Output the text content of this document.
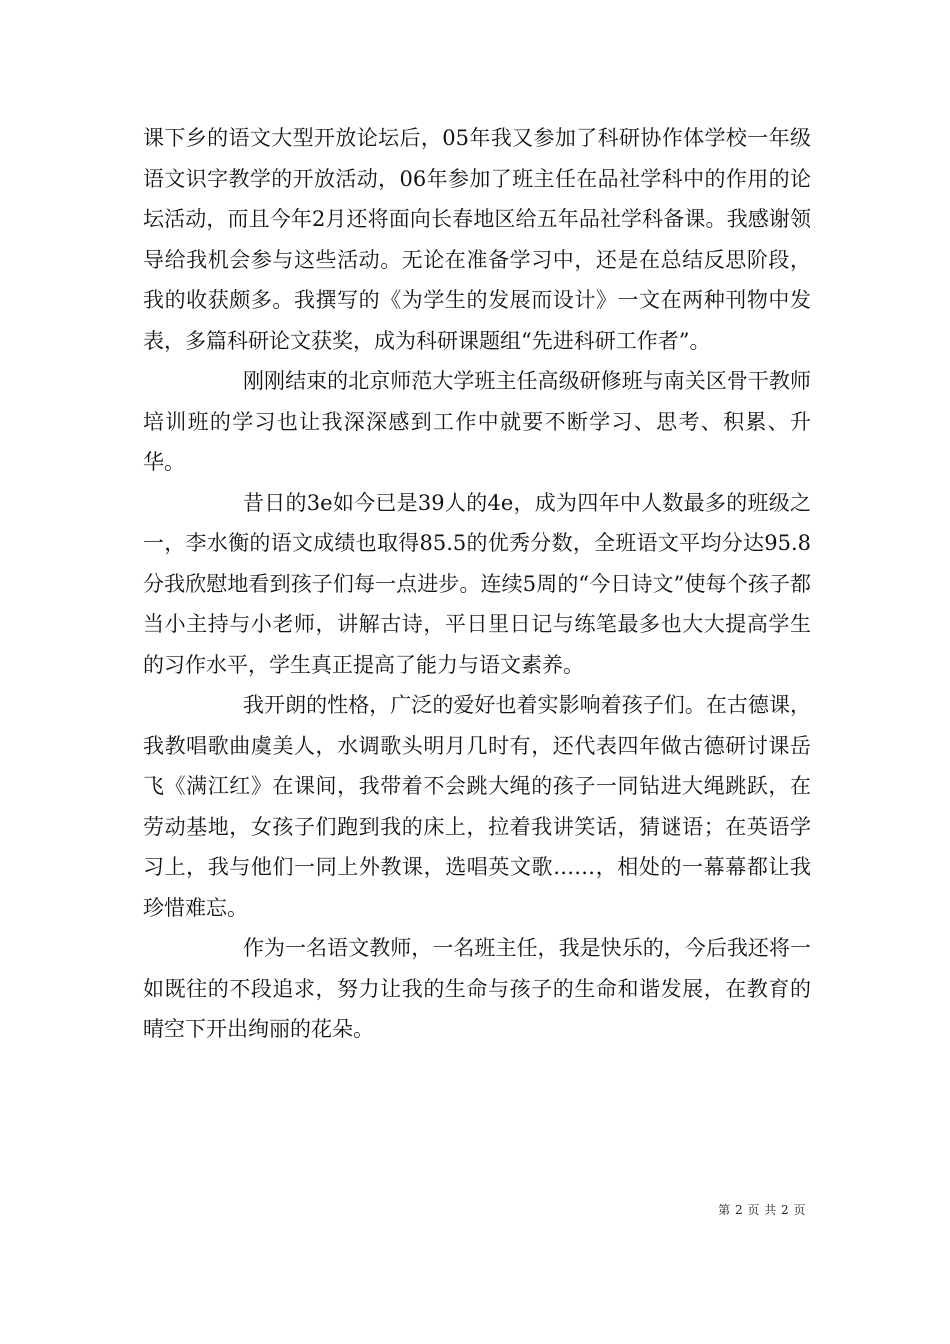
课下乡的语文大型开放论坛后，05年我又参加了科研协作体学校一年级语文识字教学的开放活动，06年参加了班主任在品社学科中的作用的论坛活动，而且今年2月还将面向长春地区给五年品社学科备课。我感谢领导给我机会参与这些活动。无论在准备学习中，还是在总结反思阶段，我的收获颇多。我撰写的《为学生的发展而设计》一文在两种刊物中发表，多篇科研论文获奖，成为科研课题组“先进科研工作者”。

刚刚结束的北京师范大学班主任高级研修班与南关区骨干教师培训班的学习也让我深深感到工作中就要不断学习、思考、积累、升华。

昔日的3e如今已是39人的4e，成为四年中人数最多的班级之一，李水衡的语文成绩也取得85.5的优秀分数，全班语文平均分达95.8分我欣慰地看到孩子们每一点进步。连续5周的“今日诗文”使每个孩子都当小主持与小老师，讲解古诗，平日里日记与练笔最多也大大提高学生的习作水平，学生真正提高了能力与语文素养。

我开朗的性格，广泛的爱好也着实影响着孩子们。在古德课，我教唱歌曲虞美人，水调歌头明月几时有，还代表四年做古德研讨课岳飞《满江红》在课间，我带着不会跳大绳的孩子一同钻进大绳跳跃，在劳动基地，女孩子们跑到我的床上，拉着我讲笑话，猜谜语；在英语学习上，我与他们一同上外教课，选唱英文歌……，相处的一幕幕都让我珍惜难忘。

作为一名语文教师，一名班主任，我是快乐的，今后我还将一如既往的不段追求，努力让我的生命与孩子的生命和谐发展，在教育的晴空下开出绚丽的花朵。

第 2 页 共 2 页
